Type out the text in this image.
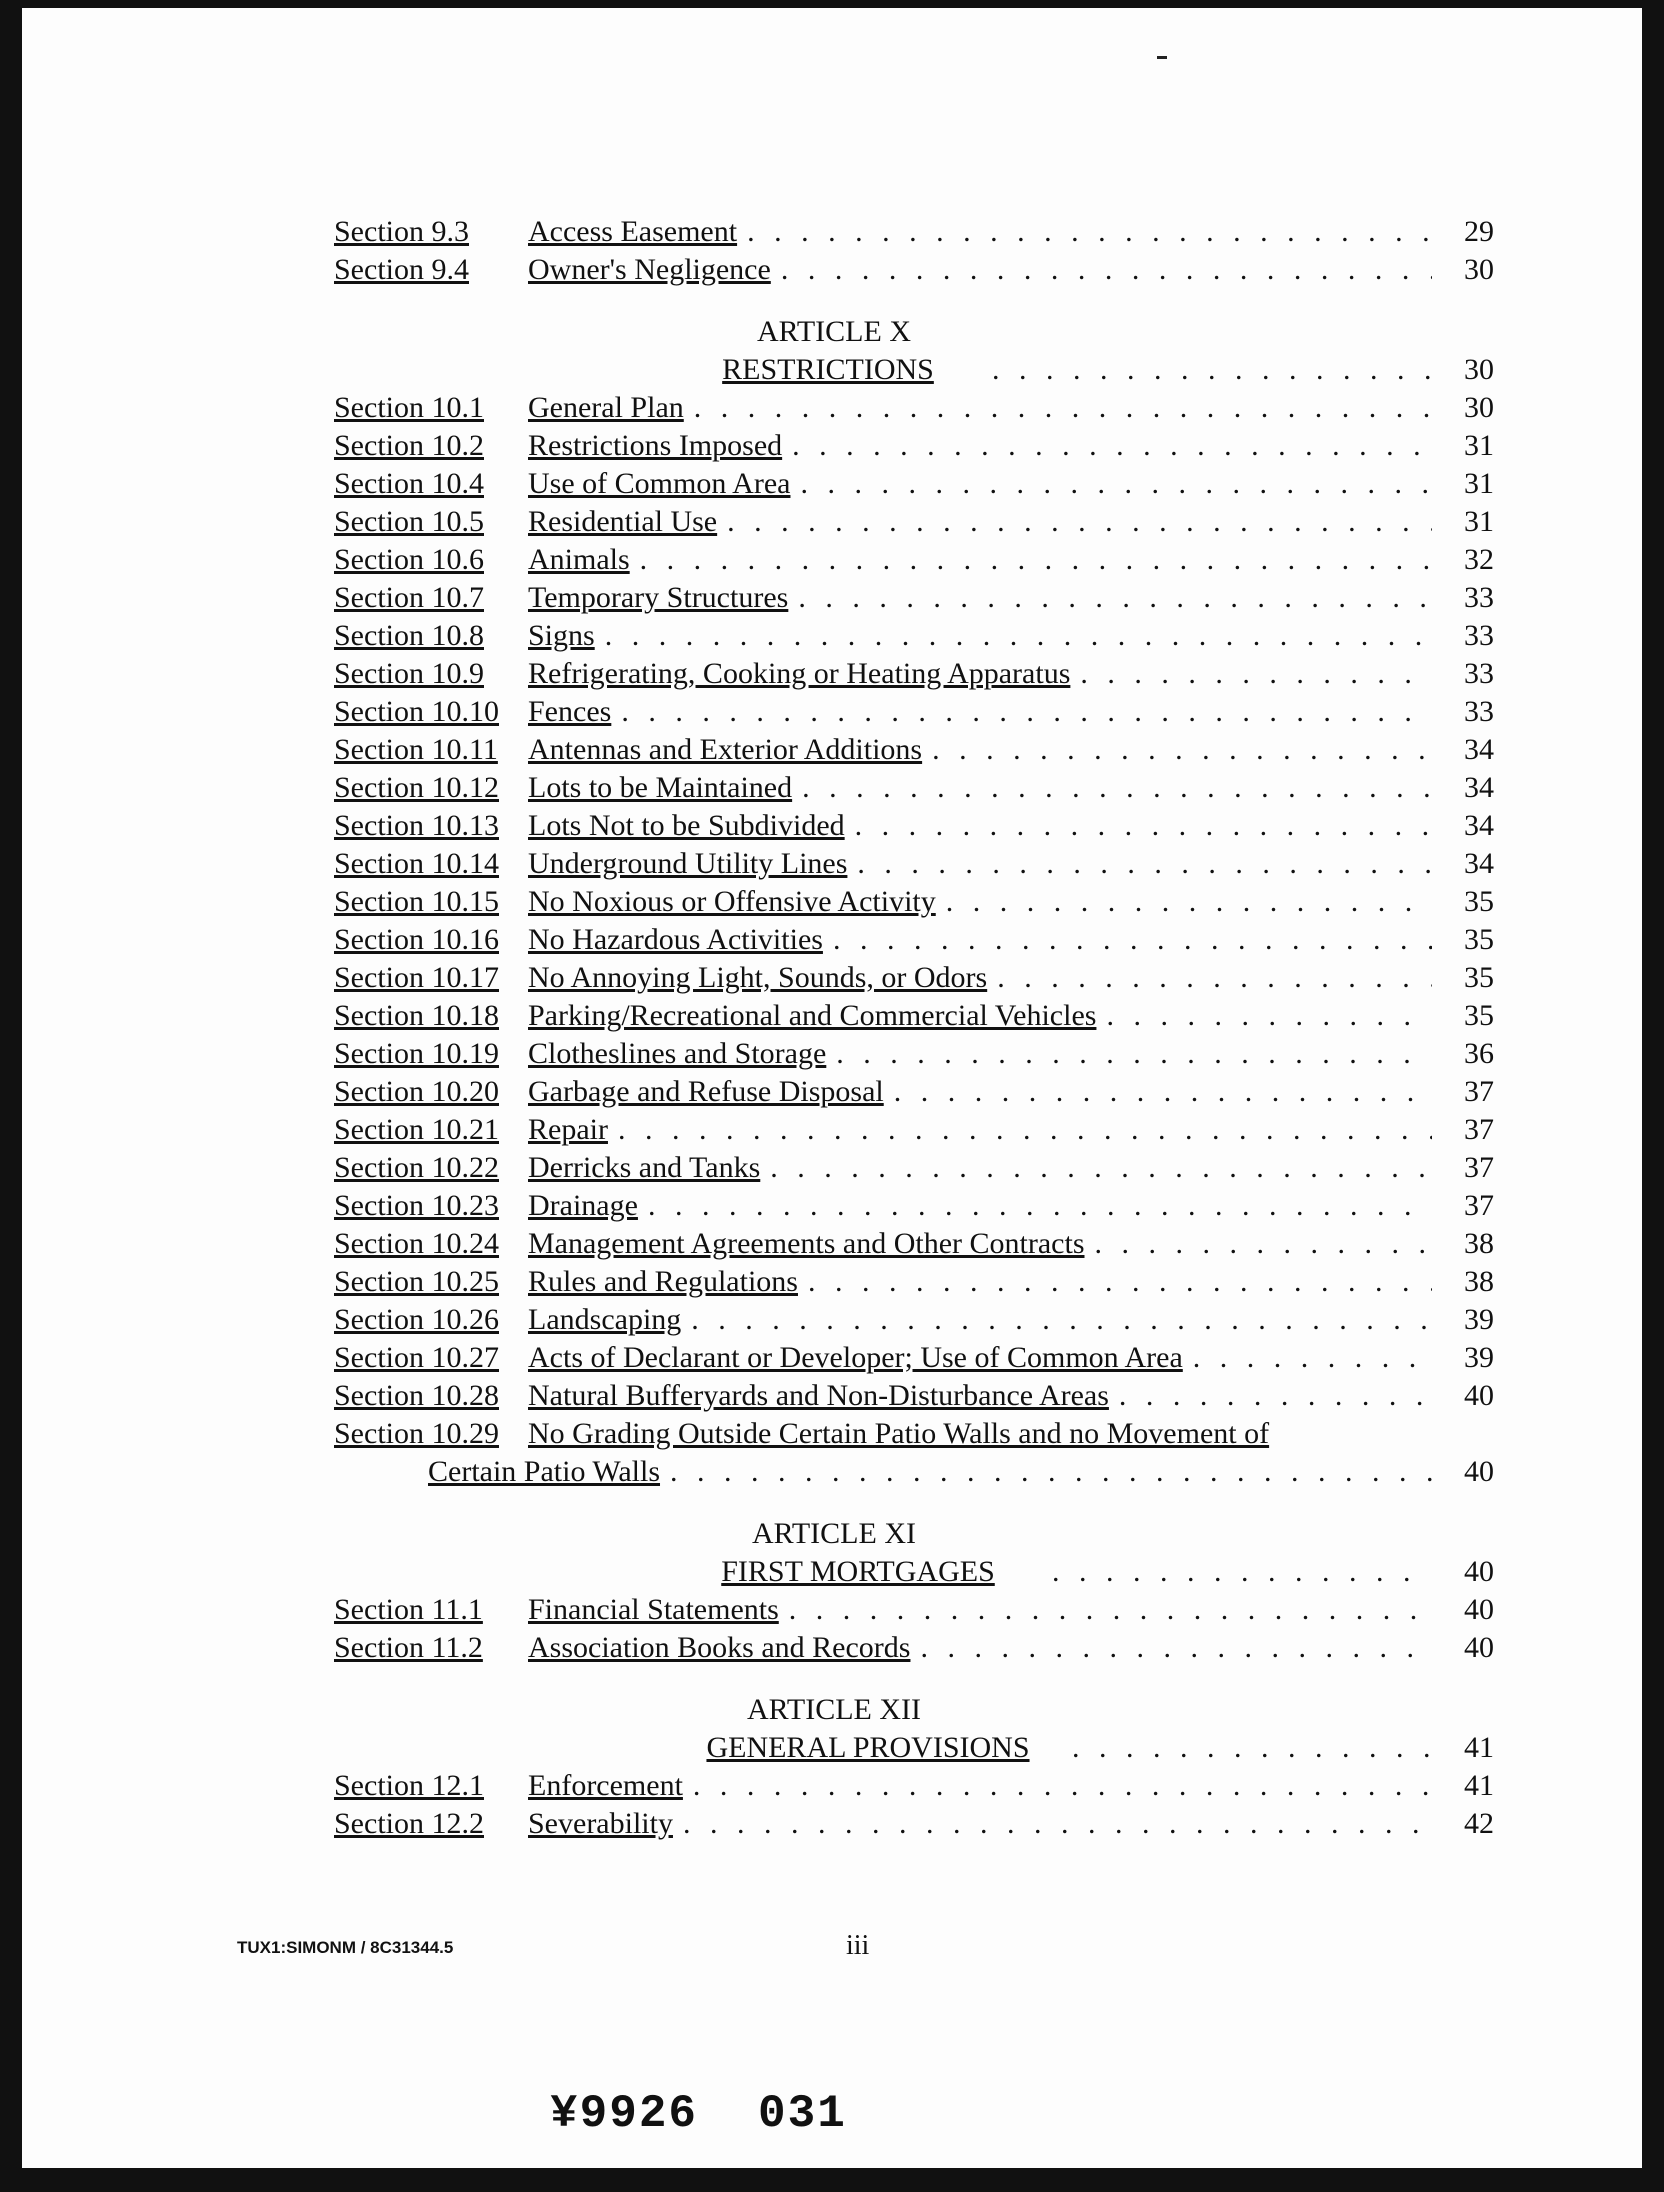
Section 9.3	Access Easement . . .	29
Section 9.4	Owner's Negligence . . .	30
ARTICLE X
RESTRICTIONS . . .	30
Section 10.1	General Plan . . .	30
Section 10.2	Restrictions Imposed . . .	31
Section 10.4	Use of Common Area . . .	31
Section 10.5	Residential Use . . .	31
Section 10.6	Animals . . .	32
Section 10.7	Temporary Structures . . .	33
Section 10.8	Signs . . .	33
Section 10.9	Refrigerating, Cooking or Heating Apparatus . . .	33
Section 10.10 Fences . . .	33
Section 10.11	Antennas and Exterior Additions . . .	34
Section 10.12 Lots to be Maintained . . .	34
Section 10.13 Lots Not to be Subdivided . . .	34
Section 10.14 Underground Utility Lines . . .	34
Section 10.15 No Noxious or Offensive Activity . . .	35
Section 10.16 No Hazardous Activities . . .	35
Section 10.17 No Annoying Light, Sounds, or Odors . . .	35
Section 10.18 Parking/Recreational and Commercial Vehicles . . .	35
Section 10.19 Clotheslines and Storage . . .	36
Section 10.20 Garbage and Refuse Disposal . . .	37
Section 10.21 Repair . . .	37
Section 10.22 Derricks and Tanks . . .	37
Section 10.23 Drainage . . .	37
Section 10.24 Management Agreements and Other Contracts . . .	38
Section 10.25 Rules and Regulations . . .	38
Section 10.26 Landscaping . . .	39
Section 10.27 Acts of Declarant or Developer; Use of Common Area . . .	39
Section 10.28 Natural Bufferyards and Non-Disturbance Areas . . .	40
Section 10.29 No Grading Outside Certain Patio Walls and no Movement of
Certain Patio Walls . . .	40
ARTICLE XI
FIRST MORTGAGES . . .	40
Section 11.1	Financial Statements . . .	40
Section 11.2	Association Books and Records . . .	40
ARTICLE XII
GENERAL PROVISIONS . . .	41
Section 12.1	Enforcement . . .	41
Section 12.2	Severability . . .	42
TUX1:SIMONM / 8C31344.5	iii
¥9926 031
